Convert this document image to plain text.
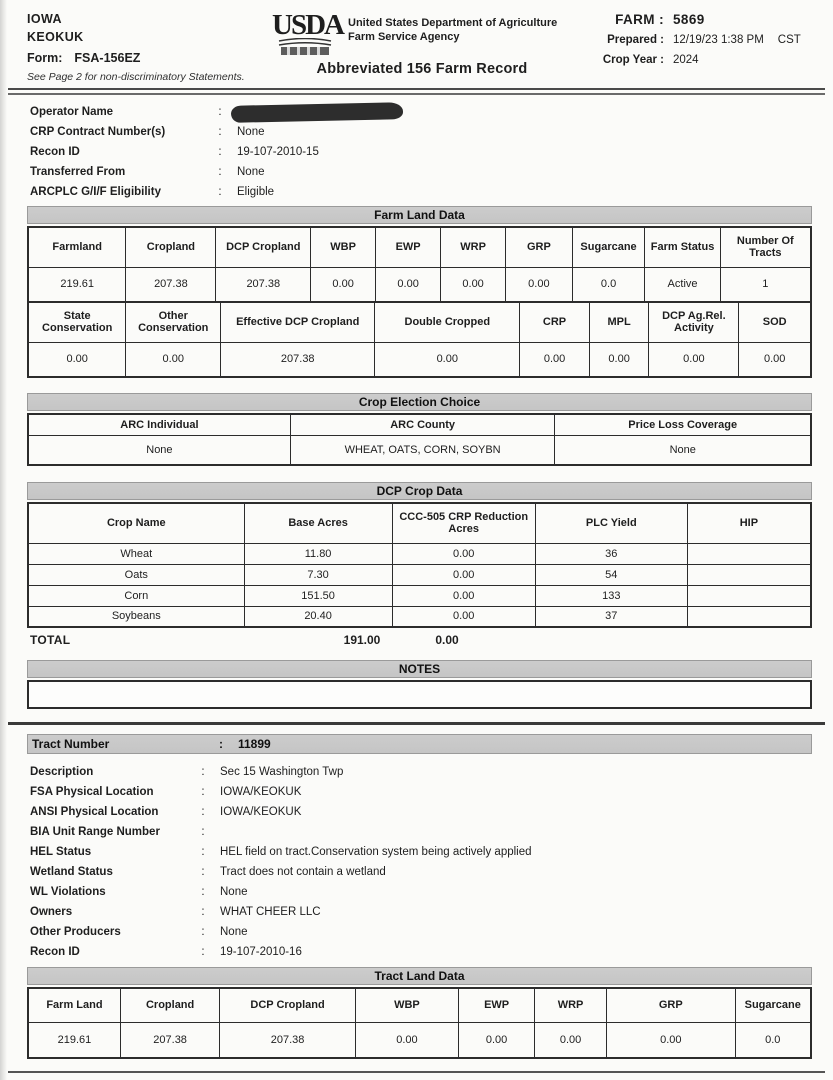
IOWA
KEOKUK
Form: FSA-156EZ
See Page 2 for non-discriminatory Statements.
USDA United States Department of Agriculture
Farm Service Agency
Abbreviated 156 Farm Record
FARM : 5869
Prepared : 12/19/23 1:38 PM CST
Crop Year : 2024
Operator Name	:
CRP Contract Number(s)	: None
Recon ID	: 19-107-2010-15
Transferred From	: None
ARCPLC G/I/F Eligibility	: Eligible
Farm Land Data
Farmland	Cropland	DCP Cropland	WBP	EWP	WRP	GRP	Sugarcane	Farm Status	Number Of Tracts
219.61	207.38	207.38	0.00	0.00	0.00	0.00	0.0	Active	1
State Conservation	Other Conservation	Effective DCP Cropland	Double Cropped	CRP	MPL	DCP Ag.Rel. Activity	SOD
0.00	0.00	207.38	0.00	0.00	0.00	0.00	0.00
Crop Election Choice
ARC Individual	ARC County	Price Loss Coverage
None	WHEAT, OATS, CORN, SOYBN	None
DCP Crop Data
Crop Name	Base Acres	CCC-505 CRP Reduction Acres	PLC Yield	HIP
Wheat	11.80	0.00	36	
Oats	7.30	0.00	54	
Corn	151.50	0.00	133	
Soybeans	20.40	0.00	37	
TOTAL	191.00	0.00
NOTES
Tract Number	: 11899
Description	: Sec 15 Washington Twp
FSA Physical Location	: IOWA/KEOKUK
ANSI Physical Location	: IOWA/KEOKUK
BIA Unit Range Number	:
HEL Status	: HEL field on tract.Conservation system being actively applied
Wetland Status	: Tract does not contain a wetland
WL Violations	: None
Owners	: WHAT CHEER LLC
Other Producers	: None
Recon ID	: 19-107-2010-16
Tract Land Data
Farm Land	Cropland	DCP Cropland	WBP	EWP	WRP	GRP	Sugarcane
219.61	207.38	207.38	0.00	0.00	0.00	0.00	0.0
